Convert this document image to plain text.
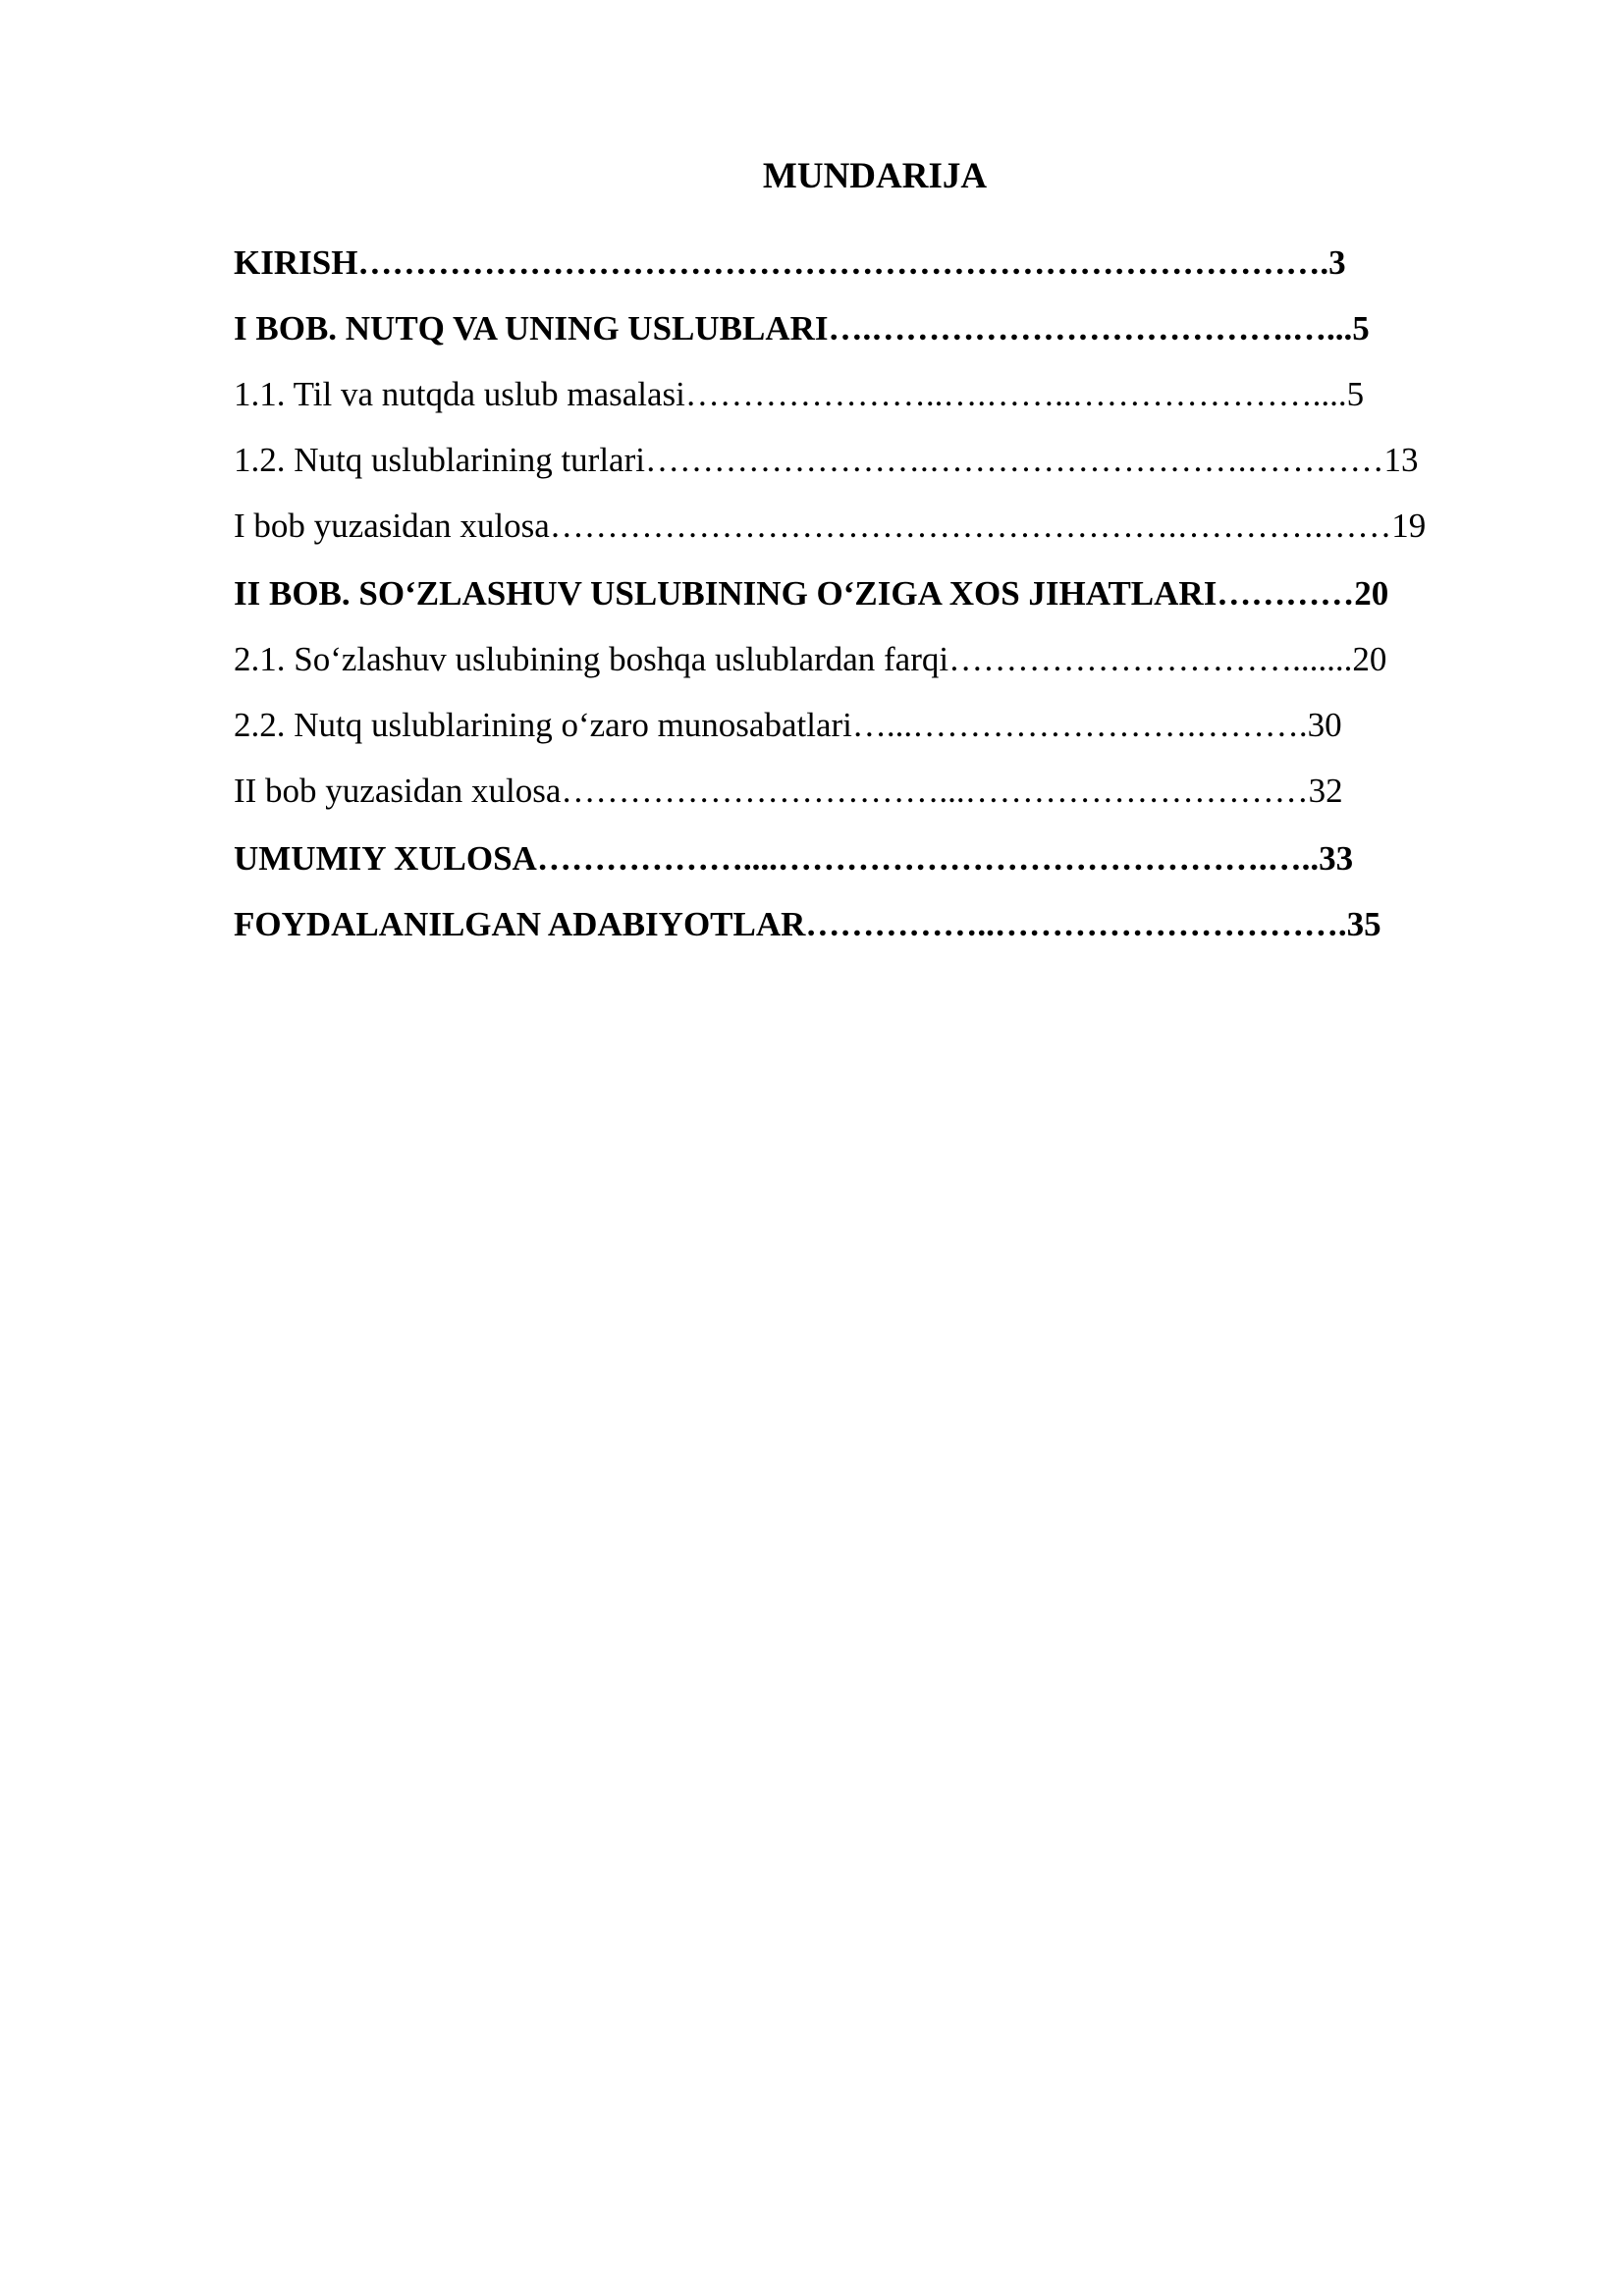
MUNDARIJA
KIRISH………………………………………………………………………….3
I BOB. NUTQ VA UNING USLUBLARI….……………………………….…...5
1.1. Til va nutqda uslub masalasi…………………..….……..…………………....5
1.2. Nutq uslublarining turlari…………………….……………………….…………13
I bob yuzasidan xulosa……………………………………………….………….……19
II BOB. SO‘ZLASHUV USLUBINING O‘ZIGA XOS JIHATLARI…………20
2.1. So‘zlashuv uslubining boshqa uslublardan farqi………………………….......20
2.2. Nutq uslublarining o‘zaro munosabatlari…...…………………….……….30
II bob yuzasidan xulosa……………………………...…………………………32
UMUMIY XULOSA………………....…………………………………….…..33
FOYDALANILGAN ADABIYOTLAR……………..………………………….35
